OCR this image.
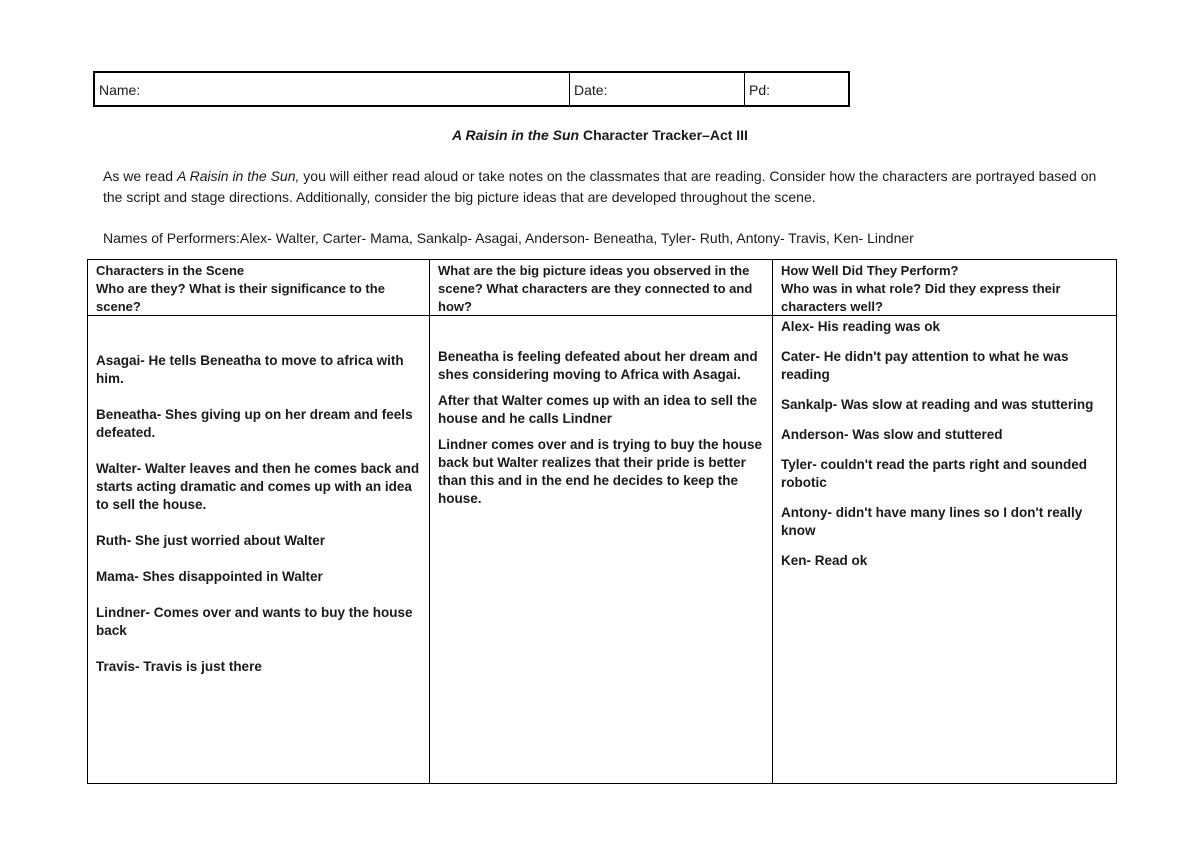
Name:	Date:	Pd:
A Raisin in the Sun Character Tracker–Act III
As we read A Raisin in the Sun, you will either read aloud or take notes on the classmates that are reading. Consider how the characters are portrayed based on the script and stage directions. Additionally, consider the big picture ideas that are developed throughout the scene.
Names of Performers:Alex- Walter, Carter- Mama, Sankalp- Asagai, Anderson- Beneatha, Tyler- Ruth, Antony- Travis, Ken- Lindner
Characters in the Scene
Who are they? What is their significance to the scene?
Asagai- He tells Beneatha to move to africa with him.
Beneatha- Shes giving up on her dream and feels defeated.
Walter- Walter leaves and then he comes back and starts acting dramatic and comes up with an idea to sell the house.
Ruth- She just worried about Walter
Mama- Shes disappointed in Walter
Lindner- Comes over and wants to buy the house back
Travis- Travis is just there
What are the big picture ideas you observed in the scene? What characters are they connected to and how?
Beneatha is feeling defeated about her dream and shes considering moving to Africa with Asagai.
After that Walter comes up with an idea to sell the house and he calls Lindner
Lindner comes over and is trying to buy the house back but Walter realizes that their pride is better than this and in the end he decides to keep the house.
How Well Did They Perform?
Who was in what role? Did they express their characters well?
Alex- His reading was ok
Cater- He didn't pay attention to what he was reading
Sankalp- Was slow at reading and was stuttering
Anderson- Was slow and stuttered
Tyler- couldn't read the parts right and sounded robotic
Antony- didn't have many lines so I don't really know
Ken- Read ok
